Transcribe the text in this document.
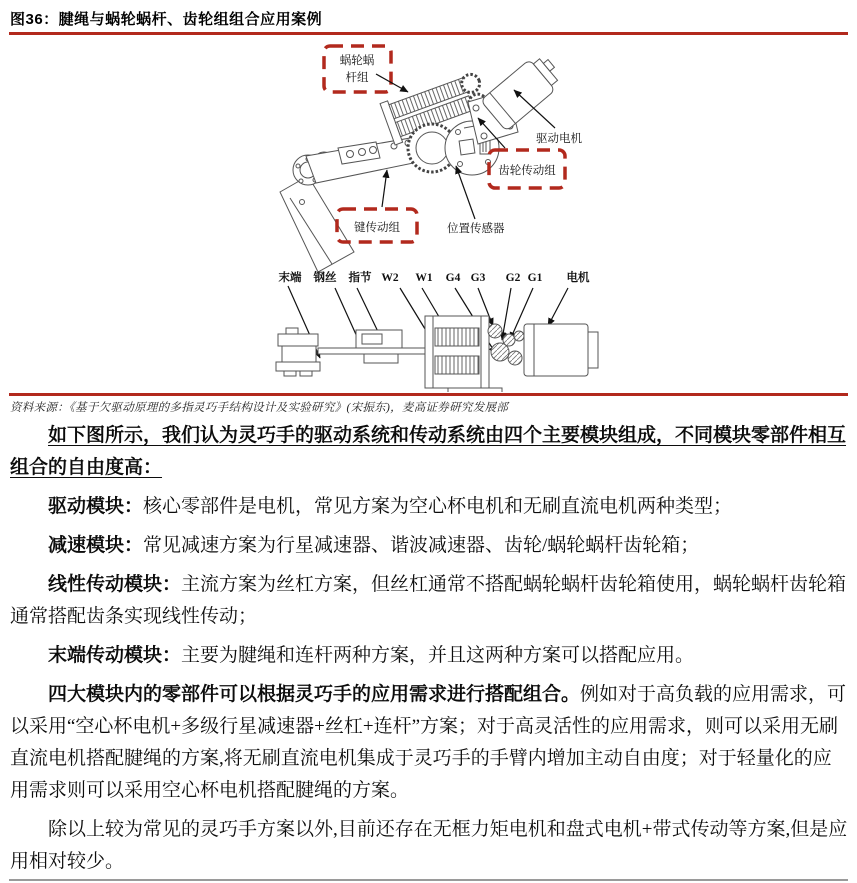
图36：腱绳与蜗轮蜗杆、齿轮组组合应用案例
蜗轮蜗
杆组
驱动电机
齿轮传动组
键传动组	位置传感器
末端 钢丝 指节 W2 W1 G4 G3 G2 G1 电机
资料来源：《基于欠驱动原理的多指灵巧手结构设计及实验研究》(宋振东)，麦高证券研究发展部

如下图所示，我们认为灵巧手的驱动系统和传动系统由四个主要模块组成，不同模块零部件相互组合的自由度高：

驱动模块：核心零部件是电机，常见方案为空心杯电机和无刷直流电机两种类型；

减速模块：常见减速方案为行星减速器、谐波减速器、齿轮/蜗轮蜗杆齿轮箱；

线性传动模块：主流方案为丝杠方案，但丝杠通常不搭配蜗轮蜗杆齿轮箱使用，蜗轮蜗杆齿轮箱通常搭配齿条实现线性传动；

末端传动模块：主要为腱绳和连杆两种方案，并且这两种方案可以搭配应用。

四大模块内的零部件可以根据灵巧手的应用需求进行搭配组合。例如对于高负载的应用需求，可以采用“空心杯电机+多级行星减速器+丝杠+连杆”方案；对于高灵活性的应用需求，则可以采用无刷直流电机搭配腱绳的方案,将无刷直流电机集成于灵巧手的手臂内增加主动自由度；对于轻量化的应用需求则可以采用空心杯电机搭配腱绳的方案。

除以上较为常见的灵巧手方案以外,目前还存在无框力矩电机和盘式电机+带式传动等方案,但是应用相对较少。
